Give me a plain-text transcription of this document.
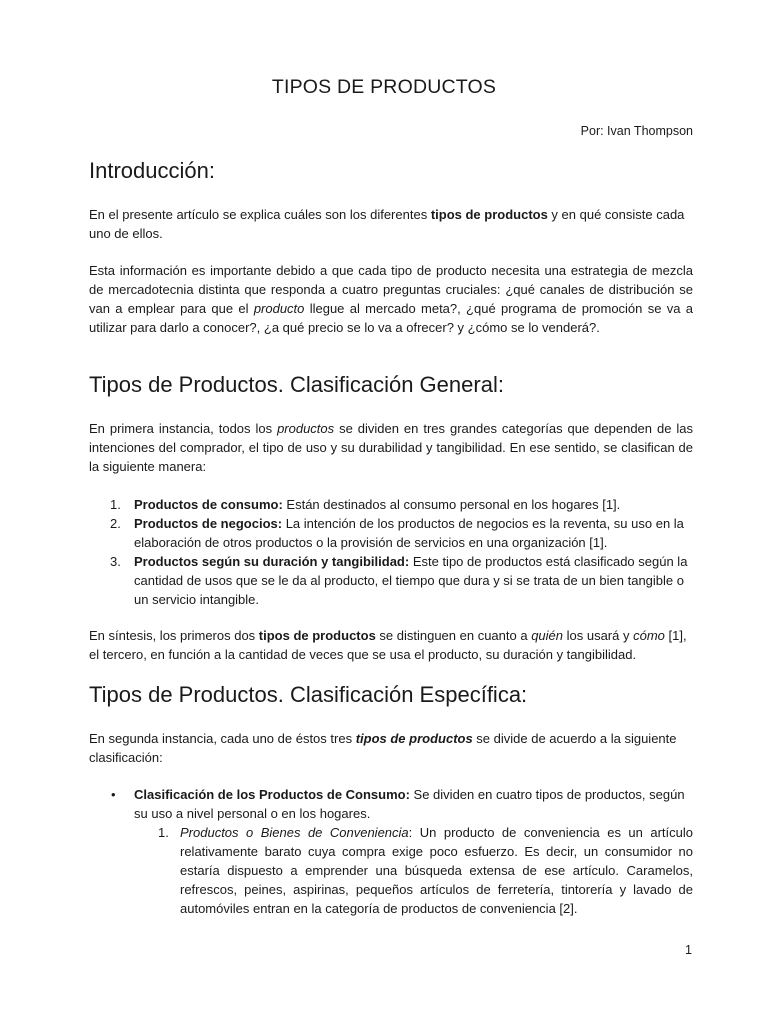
TIPOS DE PRODUCTOS

Por: Ivan Thompson

Introducción:

En el presente artículo se explica cuáles son los diferentes tipos de productos y en qué consiste cada uno de ellos.

Esta información es importante debido a que cada tipo de producto necesita una estrategia de mezcla de mercadotecnia distinta que responda a cuatro preguntas cruciales: ¿qué canales de distribución se van a emplear para que el producto llegue al mercado meta?, ¿qué programa de promoción se va a utilizar para darlo a conocer?, ¿a qué precio se lo va a ofrecer? y ¿cómo se lo venderá?.

Tipos de Productos. Clasificación General:

En primera instancia, todos los productos se dividen en tres grandes categorías que dependen de las intenciones del comprador, el tipo de uso y su durabilidad y tangibilidad. En ese sentido, se clasifican de la siguiente manera:

1. Productos de consumo: Están destinados al consumo personal en los hogares [1].
2. Productos de negocios: La intención de los productos de negocios es la reventa, su uso en la elaboración de otros productos o la provisión de servicios en una organización [1].
3. Productos según su duración y tangibilidad: Este tipo de productos está clasificado según la cantidad de usos que se le da al producto, el tiempo que dura y si se trata de un bien tangible o un servicio intangible.

En síntesis, los primeros dos tipos de productos se distinguen en cuanto a quién los usará y cómo [1], el tercero, en función a la cantidad de veces que se usa el producto, su duración y tangibilidad.

Tipos de Productos. Clasificación Específica:

En segunda instancia, cada uno de éstos tres tipos de productos se divide de acuerdo a la siguiente clasificación:

• Clasificación de los Productos de Consumo: Se dividen en cuatro tipos de productos, según su uso a nivel personal o en los hogares.
1. Productos o Bienes de Conveniencia: Un producto de conveniencia es un artículo relativamente barato cuya compra exige poco esfuerzo. Es decir, un consumidor no estaría dispuesto a emprender una búsqueda extensa de ese artículo. Caramelos, refrescos, peines, aspirinas, pequeños artículos de ferretería, tintorería y lavado de automóviles entran en la categoría de productos de conveniencia [2].
1
